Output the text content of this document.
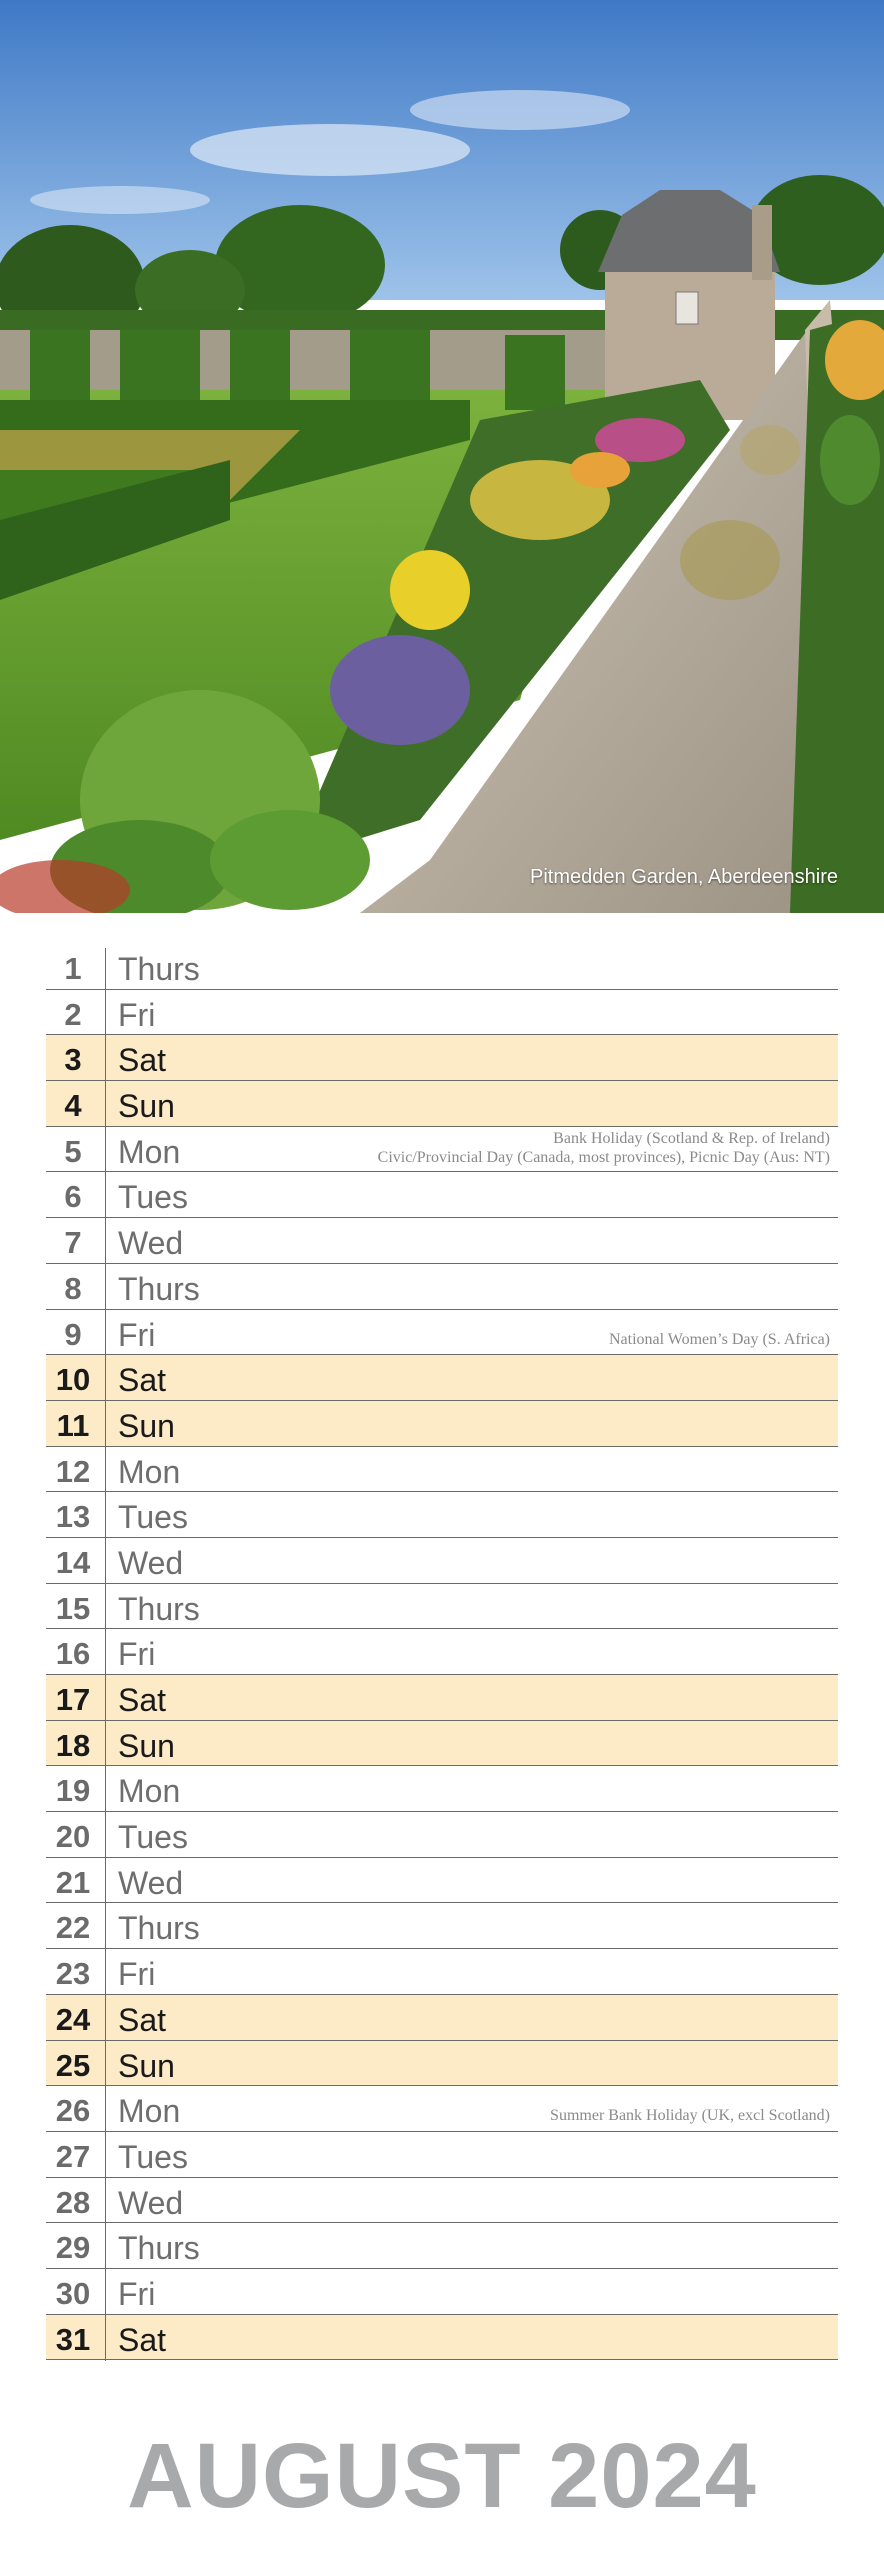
Pitmedden Garden, Aberdeenshire
1	Thurs
2	Fri
3	Sat
4	Sun
5	Mon	Bank Holiday (Scotland & Rep. of Ireland)
Civic/Provincial Day (Canada, most provinces), Picnic Day (Aus: NT)
6	Tues
7	Wed
8	Thurs
9	Fri	National Women’s Day (S. Africa)
10 Sat
11 Sun
12 Mon
13 Tues
14 Wed
15 Thurs
16 Fri
17 Sat
18 Sun
19 Mon
20 Tues
21 Wed
22 Thurs
23 Fri
24 Sat
25 Sun
26 Mon	Summer Bank Holiday (UK, excl Scotland)
27 Tues
28 Wed
29 Thurs
30 Fri
31 Sat
AUGUST 2024
